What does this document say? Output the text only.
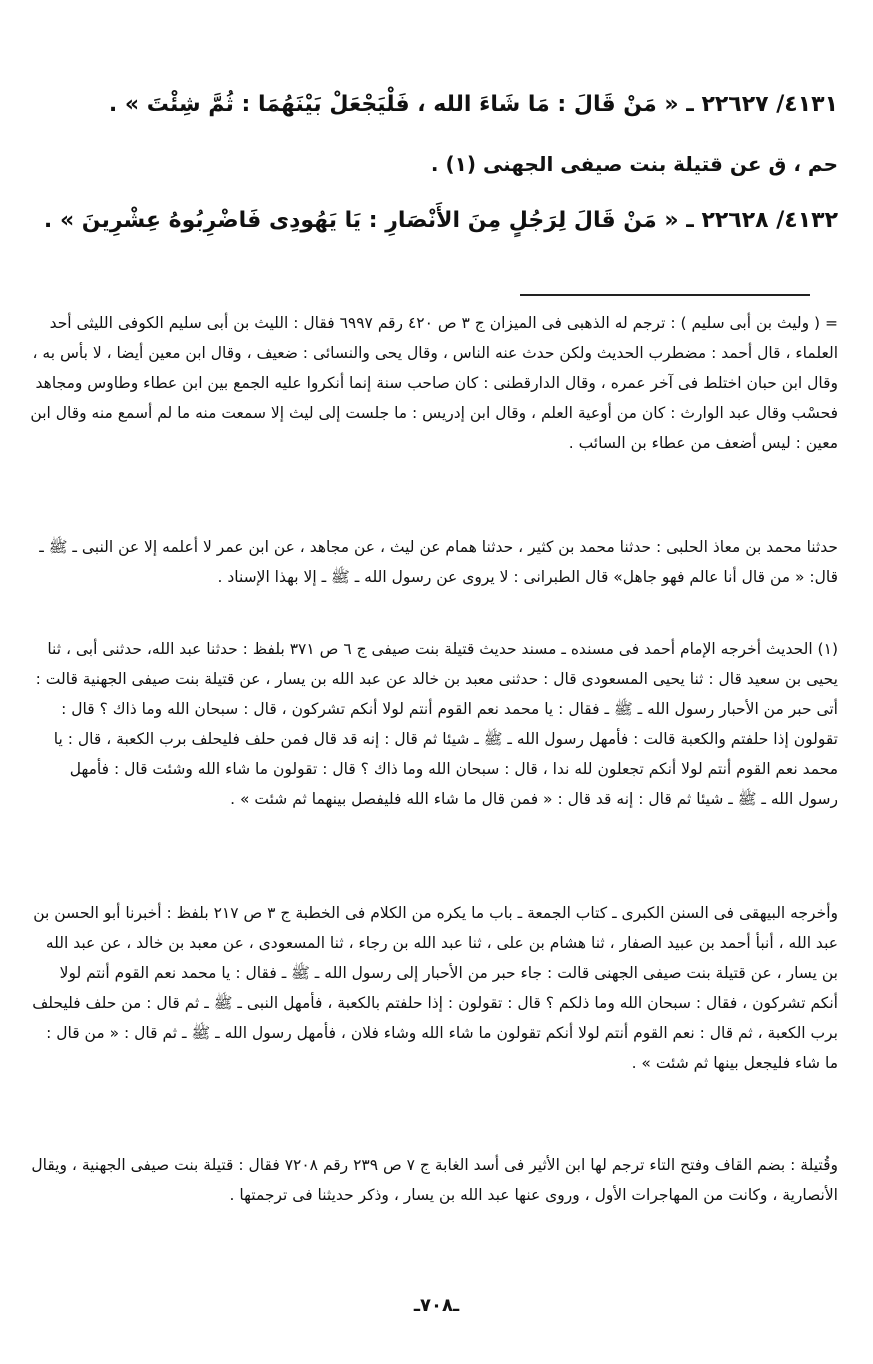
٤١٣١/ ٢٢٦٢٧ ـ « مَنْ قَالَ : مَا شَاءَ الله ، فَلْيَجْعَلْ بَيْنَهُمَا : ثُمَّ شِئْتَ » .
حم ، ق عن قتيلة بنت صيفى الجهنى (١) .
٤١٣٢/ ٢٢٦٢٨ ـ « مَنْ قَالَ لِرَجُلٍ مِنَ الأَنْصَارِ : يَا يَهُودِى فَاضْرِبُوهُ عِشْرِينَ » .

= ( وليث بن أبى سليم ) : ترجم له الذهبى فى الميزان ج ٣ ص ٤٢٠ رقم ٦٩٩٧ فقال : الليث بن أبى سليم الكوفى الليثى أحد العلماء ، قال أحمد : مضطرب الحديث ولكن حدث عنه الناس ، وقال يحى والنسائى : ضعيف ، وقال ابن معين أيضا ، لا بأس به ، وقال ابن حبان اختلط فى آخر عمره ، وقال الدارقطنى : كان صاحب سنة إنما أنكروا عليه الجمع بين ابن عطاء وطاوس ومجاهد فحسْب وقال عبد الوارث : كان من أوعية العلم ، وقال ابن إدريس : ما جلست إلى ليث إلا سمعت منه ما لم أسمع منه وقال ابن معين : ليس أضعف من عطاء بن السائب .

حدثنا محمد بن معاذ الحلبى : حدثنا محمد بن كثير ، حدثنا همام عن ليث ، عن مجاهد ، عن ابن عمر لا أعلمه إلا عن النبى ـ ﷺ ـ قال: « من قال أنا عالم فهو جاهل» قال الطبرانى : لا يروى عن رسول الله ـ ﷺ ـ إلا بهذا الإسناد .

(١) الحديث أخرجه الإمام أحمد فى مسنده ـ مسند حديث قتيلة بنت صيفى ج ٦ ص ٣٧١ بلفظ : حدثنا عبد الله، حدثنى أبى ، ثنا يحيى بن سعيد قال : ثنا يحيى المسعودى قال : حدثنى معبد بن خالد عن عبد الله بن يسار ، عن قتيلة بنت صيفى الجهنية قالت : أتى حبر من الأحبار رسول الله ـ ﷺ ـ فقال : يا محمد نعم القوم أنتم لولا أنكم تشركون ، قال : سبحان الله وما ذاك ؟ قال : تقولون إذا حلفتم والكعبة قالت : فأمهل رسول الله ـ ﷺ ـ شيئا ثم قال : إنه قد قال فمن حلف فليحلف برب الكعبة ، قال : يا محمد نعم القوم أنتم لولا أنكم تجعلون لله ندا ، قال : سبحان الله وما ذاك ؟ قال : تقولون ما شاء الله وشئت قال : فأمهل رسول الله ـ ﷺ ـ شيئا ثم قال : إنه قد قال : « فمن قال ما شاء الله فليفصل بينهما ثم شئت » .

وأخرجه البيهقى فى السنن الكبرى ـ كتاب الجمعة ـ باب ما يكره من الكلام فى الخطبة ج ٣ ص ٢١٧ بلفظ : أخبرنا أبو الحسن بن عبد الله ، أنبأ أحمد بن عبيد الصفار ، ثنا هشام بن على ، ثنا عبد الله بن رجاء ، ثنا المسعودى ، عن معبد بن خالد ، عن عبد الله بن يسار ، عن قتيلة بنت صيفى الجهنى قالت : جاء حبر من الأحبار إلى رسول الله ـ ﷺ ـ فقال : يا محمد نعم القوم أنتم لولا أنكم تشركون ، فقال : سبحان الله وما ذلكم ؟ قال : تقولون : إذا حلفتم بالكعبة ، فأمهل النبى ـ ﷺ ـ ثم قال : من حلف فليحلف برب الكعبة ، ثم قال : نعم القوم أنتم لولا أنكم تقولون ما شاء الله وشاء فلان ، فأمهل رسول الله ـ ﷺ ـ ثم قال : « من قال : ما شاء فليجعل بينها ثم شئت » .

وقُتيلة : بضم القاف وفتح التاء ترجم لها ابن الأثير فى أسد الغابة ج ٧ ص ٢٣٩ رقم ٧٢٠٨ فقال : قتيلة بنت صيفى الجهنية ، ويقال الأنصارية ، وكانت من المهاجرات الأول ، وروى عنها عبد الله بن يسار ، وذكر حديثنا فى ترجمتها .

ـ٧٠٨ـ
